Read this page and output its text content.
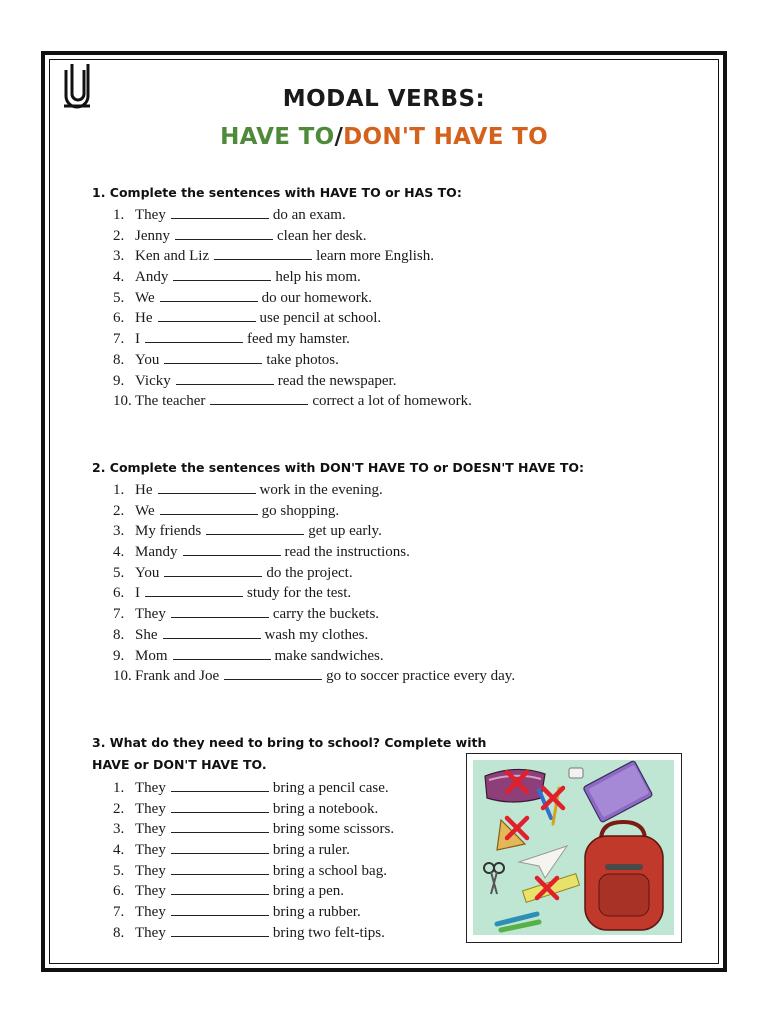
MODAL VERBS:
HAVE TO/DON'T HAVE TO
1. Complete the sentences with HAVE TO or HAS TO:
1. They	do an exam.
2. Jenny	clean her desk.
3. Ken and Liz	learn more English.
4. Andy	help his mom.
5. We	do our homework.
6. He	use pencil at school.
7. I	feed my hamster.
8. You	take photos.
9. Vicky	read the newspaper.
10. The teacher	correct a lot of homework.
2. Complete the sentences with DON'T HAVE TO or DOESN'T HAVE TO:
1. He	work in the evening.
2. We	go shopping.
3. My friends	get up early.
4. Mandy	read the instructions.
5. You	do the project.
6. I	study for the test.
7. They	carry the buckets.
8. She	wash my clothes.
9. Mom	make sandwiches.
10. Frank and Joe	go to soccer practice every day.
3. What do they need to bring to school? Complete with
HAVE or DON'T HAVE TO.
1. They	bring a pencil case.
2. They	bring a notebook.
3. They	bring some scissors.
4. They	bring a ruler.
5. They	bring a school bag.
6. They	bring a pen.
7. They	bring a rubber.
8. They	bring two felt-tips.
